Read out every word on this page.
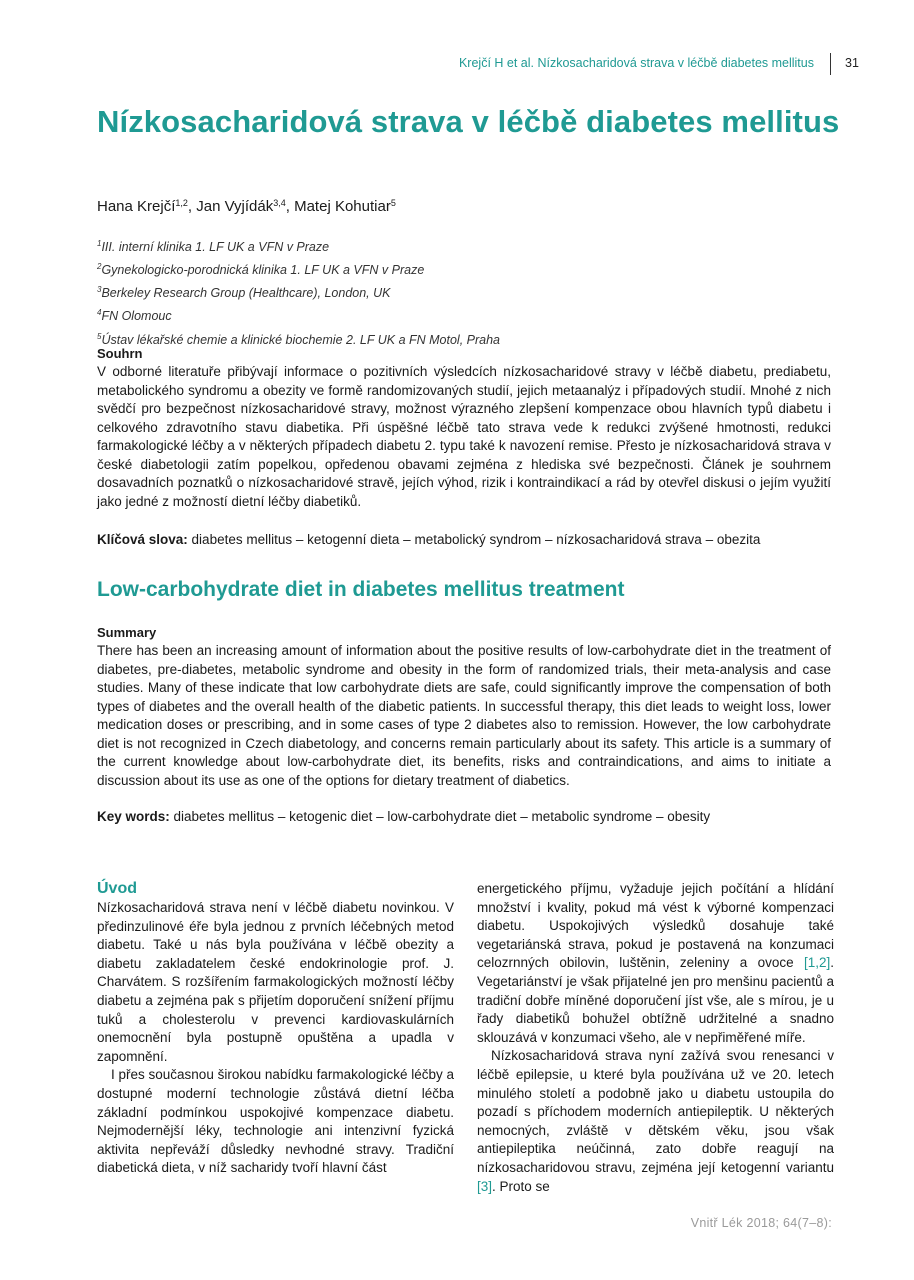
Krejčí H et al. Nízkosacharidová strava v léčbě diabetes mellitus 31
Nízkosacharidová strava v léčbě diabetes mellitus
Hana Krejčí$^{1,2}$, Jan Vyjídák$^{3,4}$, Matej Kohutiar$^5$
$^1$III. interní klinika 1. LF UK a VFN v Praze
$^2$Gynekologicko-porodnická klinika 1. LF UK a VFN v Praze
$^3$Berkeley Research Group (Healthcare), London, UK
$^4$FN Olomouc
$^5$Ústav lékařské chemie a klinické biochemie 2. LF UK a FN Motol, Praha
Souhrn

V odborné literatuře přibývají informace o pozitivních výsledcích nízkosacharidové stravy v léčbě diabetu, prediabetu, metabolického syndromu a obezity ve formě randomizovaných studií, jejich metaanalýz i případových studií. Mnohé z nich svědčí pro bezpečnost nízkosacharidové stravy, možnost výrazného zlepšení kompenzace obou hlavních typů diabetu i celkového zdravotního stavu diabetika. Při úspěšné léčbě tato strava vede k redukci zvýšené hmotnosti, redukci farmakologické léčby a v některých případech diabetu 2. typu také k navození remise. Přesto je nízkosacharidová strava v české diabetologii zatím popelkou, opředenou obavami zejména z hlediska své bezpečnosti. Článek je souhrnem dosavadních poznatků o nízkosacharidové stravě, jejích výhod, rizik i kontraindikací a rád by otevřel diskusi o jejím využití jako jedné z možností dietní léčby diabetiků.

Klíčová slova: diabetes mellitus – ketogenní dieta – metabolický syndrom – nízkosacharidová strava – obezita
Low-carbohydrate diet in diabetes mellitus treatment
Summary

There has been an increasing amount of information about the positive results of low-carbohydrate diet in the treatment of diabetes, pre-diabetes, metabolic syndrome and obesity in the form of randomized trials, their meta-analysis and case studies. Many of these indicate that low carbohydrate diets are safe, could significantly improve the compensation of both types of diabetes and the overall health of the diabetic patients. In successful therapy, this diet leads to weight loss, lower medication doses or prescribing, and in some cases of type 2 diabetes also to remission. However, the low carbohydrate diet is not recognized in Czech diabetology, and concerns remain particularly about its safety. This article is a summary of the current knowledge about low-carbohydrate diet, its benefits, risks and contraindications, and aims to initiate a discussion about its use as one of the options for dietary treatment of diabetics.

Key words: diabetes mellitus – ketogenic diet – low-carbohydrate diet – metabolic syndrome – obesity
Úvod

Nízkosacharidová strava není v léčbě diabetu novinkou. V předinzulinové éře byla jednou z prvních léčebných metod diabetu. Také u nás byla používána v léčbě obezity a diabetu zakladatelem české endokrinologie prof. J. Charvátem. S rozšířením farmakologických možností léčby diabetu a zejména pak s přijetím doporučení snížení příjmu tuků a cholesterolu v prevenci kardiovaskulárních onemocnění byla postupně opuštěna a upadla v zapomnění.

I přes současnou širokou nabídku farmakologické léčby a dostupné moderní technologie zůstává dietní léčba základní podmínkou uspokojivé kompenzace diabetu. Nejmodernější léky, technologie ani intenzivní fyzická aktivita nepřeváží důsledky nevhodné stravy. Tradiční diabetická dieta, v níž sacharidy tvoří hlavní část

energetického příjmu, vyžaduje jejich počítání a hlídání množství i kvality, pokud má vést k výborné kompenzaci diabetu. Uspokojivých výsledků dosahuje také vegetariánská strava, pokud je postavená na konzumaci celozrnných obilovin, luštěnin, zeleniny a ovoce [1,2]. Vegetariánství je však přijatelné jen pro menšinu pacientů a tradiční dobře míněné doporučení jíst vše, ale s mírou, je u řady diabetiků bohužel obtížně udržitelné a snadno sklouzává v konzumaci všeho, ale v nepřiměřené míře.

Nízkosacharidová strava nyní zažívá svou renesanci v léčbě epilepsie, u které byla používána už ve 20. letech minulého století a podobně jako u diabetu ustoupila do pozadí s příchodem moderních antiepileptik. U některých nemocných, zvláště v dětském věku, jsou však antiepileptika neúčinná, zato dobře reagují na nízkosacharidovou stravu, zejména její ketogenní variantu [3]. Proto se

Vnitř Lék 2018; 64(7–8):
